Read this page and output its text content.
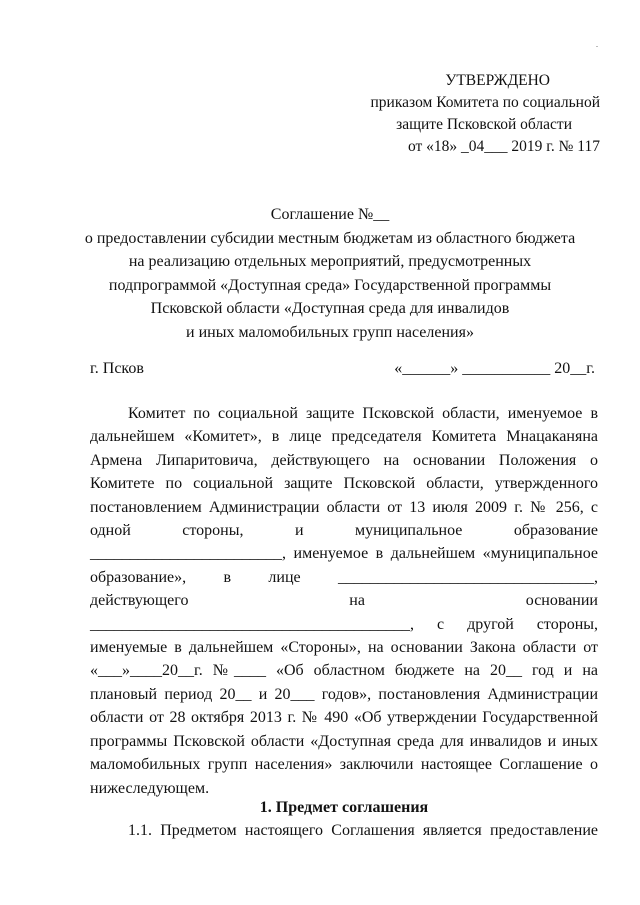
УТВЕРЖДЕНО
приказом Комитета по социальной
защите Псковской области
от «18» _04___ 2019 г. № 117
Соглашение №__
о предоставлении субсидии местным бюджетам из областного бюджета
на реализацию отдельных мероприятий, предусмотренных
подпрограммой «Доступная среда» Государственной программы
Псковской области «Доступная среда для инвалидов
и иных маломобильных групп населения»
г. Псков	«______» ___________ 20__г.

Комитет по социальной защите Псковской области, именуемое в дальнейшем «Комитет», в лице председателя Комитета Мнацаканяна Армена Липаритовича, действующего на основании Положения о Комитете по социальной защите Псковской области, утвержденного постановлением Администрации области от 13 июля 2009 г. № 256, с одной стороны, и муниципальное образование ________________________, именуемое в дальнейшем «муниципальное образование», в лице ________________________________, действующего на основании ________________________________________, с другой стороны, именуемые в дальнейшем «Стороны», на основании Закона области от «___»____20__г. №____ «Об областном бюджете на 20__ год и на плановый период 20__ и 20___ годов», постановления Администрации области от 28 октября 2013 г. № 490 «Об утверждении Государственной программы Псковской области «Доступная среда для инвалидов и иных маломобильных групп населения» заключили настоящее Соглашение о нижеследующем.

1. Предмет соглашения

1.1. Предметом настоящего Соглашения является предоставление
